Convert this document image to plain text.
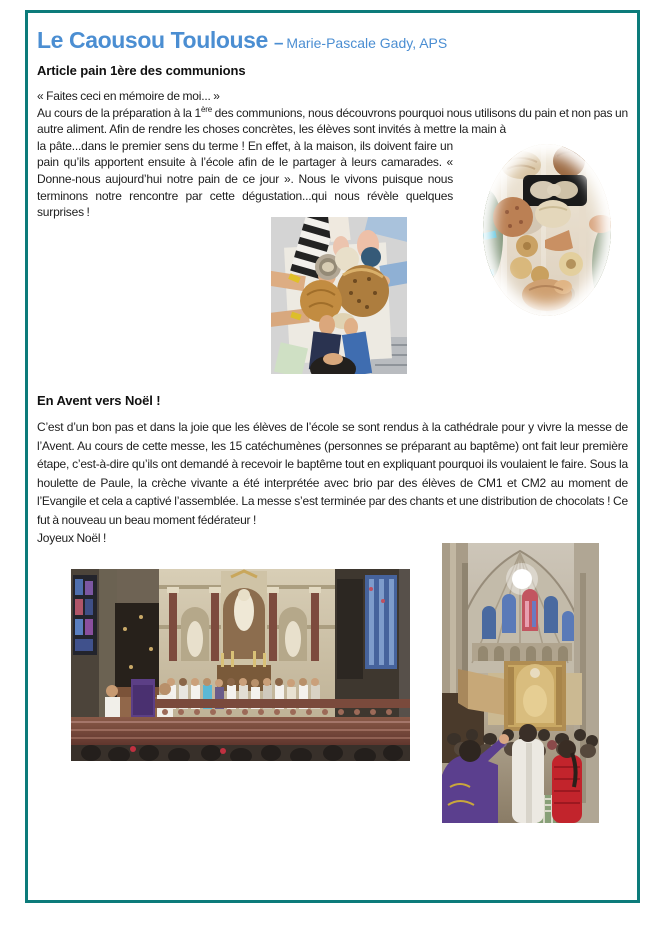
Le Caousou Toulouse – Marie-Pascale Gady, APS
Article pain 1ère des communions
« Faites ceci en mémoire de moi... »
Au cours de la préparation à la 1ère des communions, nous découvrons pourquoi nous utilisons du pain et non pas un autre aliment. Afin de rendre les choses concrètes, les élèves sont invités à mettre la main à la pâte...dans le premier sens du terme ! En effet, à la maison, ils doivent faire un pain qu’ils apportent ensuite à l’école afin de le partager à leurs camarades. « Donne-nous aujourd’hui notre pain de ce jour ». Nous le vivons puisque nous terminons notre rencontre par cette dégustation...qui nous révèle quelques surprises !
En Avent vers Noël !

C’est d’un bon pas et dans la joie que les élèves de l’école se sont rendus à la cathédrale pour y vivre la messe de l’Avent. Au cours de cette messe, les 15 catéchumènes (personnes se préparant au baptême) ont fait leur première étape, c’est-à-dire qu’ils ont demandé à recevoir le baptême tout en expliquant pourquoi ils voulaient le faire. Sous la houlette de Paule, la crèche vivante a été interprétée avec brio par des élèves de CM1 et CM2 au moment de l’Evangile et cela a captivé l’assemblée. La messe s’est terminée par des chants et une distribution de chocolats ! Ce fut à nouveau un beau moment fédérateur !

Joyeux Noël !
